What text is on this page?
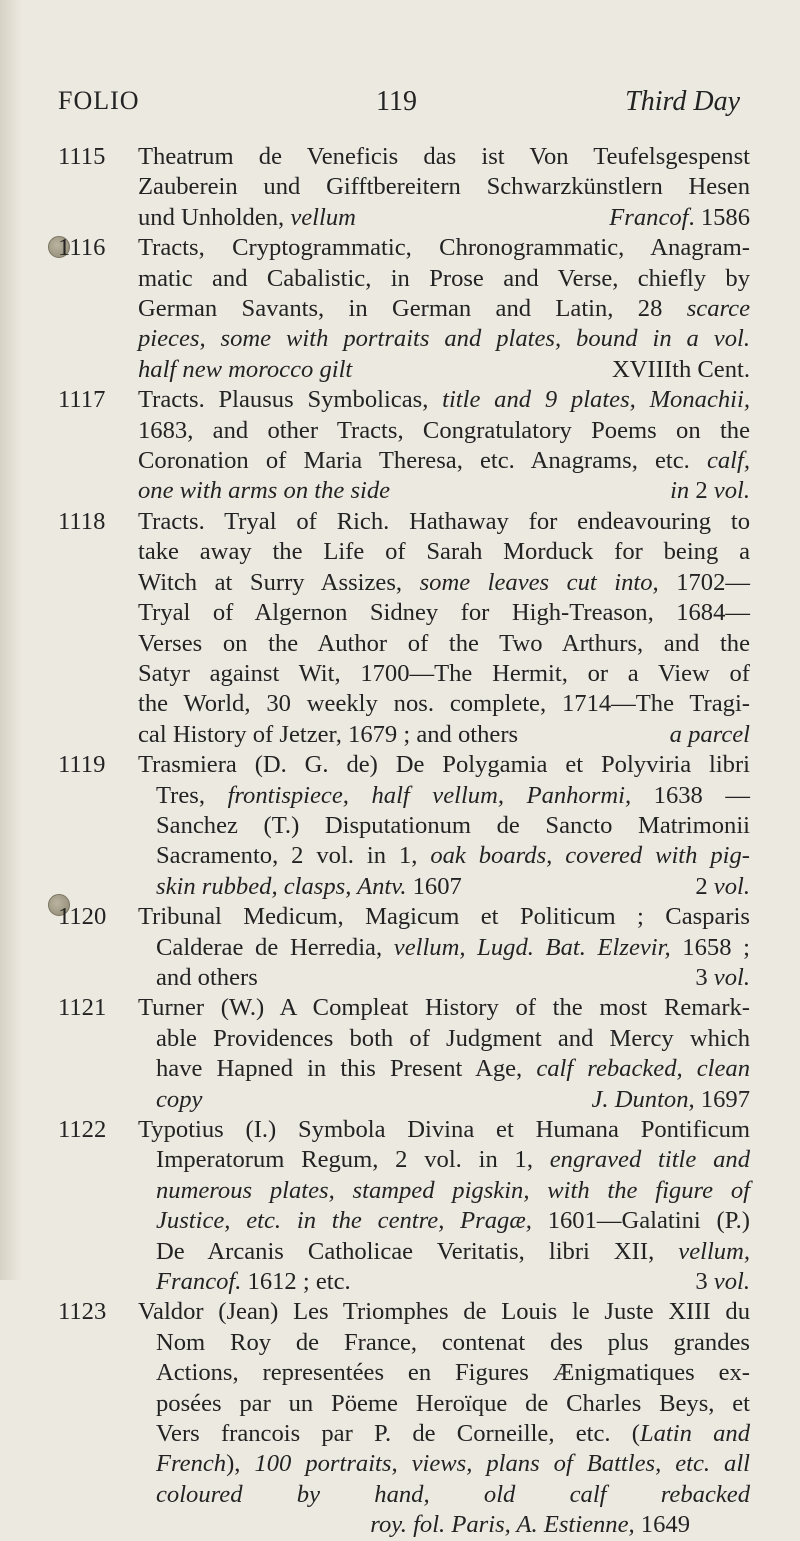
FOLIO	119	Third Day
1115 Theatrum de Veneficis das ist Von Teufelsgespenst
Zauberein und Gifftbereitern Schwarzkünstlern Hesen
und Unholden, vellum	Francof. 1586
1116 Tracts, Cryptogrammatic, Chronogrammatic, Anagram-
matic and Cabalistic, in Prose and Verse, chiefly by
German Savants, in German and Latin, 28 scarce
pieces, some with portraits and plates, bound in a vol.
half new morocco gilt	XVIIIth Cent.
1117 Tracts. Plausus Symbolicas, title and 9 plates, Monachii,
1683, and other Tracts, Congratulatory Poems on the
Coronation of Maria Theresa, etc. Anagrams, etc. calf,
one with arms on the side	in 2 vol.
1118 Tracts. Tryal of Rich. Hathaway for endeavouring to
take away the Life of Sarah Morduck for being a
Witch at Surry Assizes, some leaves cut into, 1702—
Tryal of Algernon Sidney for High-Treason, 1684—
Verses on the Author of the Two Arthurs, and the
Satyr against Wit, 1700—The Hermit, or a View of
the World, 30 weekly nos. complete, 1714—The Tragi-
cal History of Jetzer, 1679 ; and others	a parcel
1119 Trasmiera (D. G. de) De Polygamia et Polyviria libri
Tres, frontispiece, half vellum, Panhormi, 1638 —
Sanchez (T.) Disputationum de Sancto Matrimonii
Sacramento, 2 vol. in 1, oak boards, covered with pig-
skin rubbed, clasps, Antv. 1607	2 vol.
1120 Tribunal Medicum, Magicum et Politicum ; Casparis
Calderae de Herredia, vellum, Lugd. Bat. Elzevir, 1658 ;
and others	3 vol.
1121 Turner (W.) A Compleat History of the most Remark-
able Providences both of Judgment and Mercy which
have Hapned in this Present Age, calf rebacked, clean
copy	J. Dunton, 1697
1122 Typotius (I.) Symbola Divina et Humana Pontificum
Imperatorum Regum, 2 vol. in 1, engraved title and
numerous plates, stamped pigskin, with the figure of
Justice, etc. in the centre, Pragæ, 1601—Galatini (P.)
De Arcanis Catholicae Veritatis, libri XII, vellum,
Francof. 1612 ; etc.	3 vol.
1123 Valdor (Jean) Les Triomphes de Louis le Juste XIII du
Nom Roy de France, contenat des plus grandes
Actions, representées en Figures Ænigmatiques ex-
posées par un Pöeme Heroïque de Charles Beys, et
Vers francois par P. de Corneille, etc. (Latin and
French), 100 portraits, views, plans of Battles, etc. all
coloured by hand, old calf rebacked
roy. fol. Paris, A. Estienne, 1649
